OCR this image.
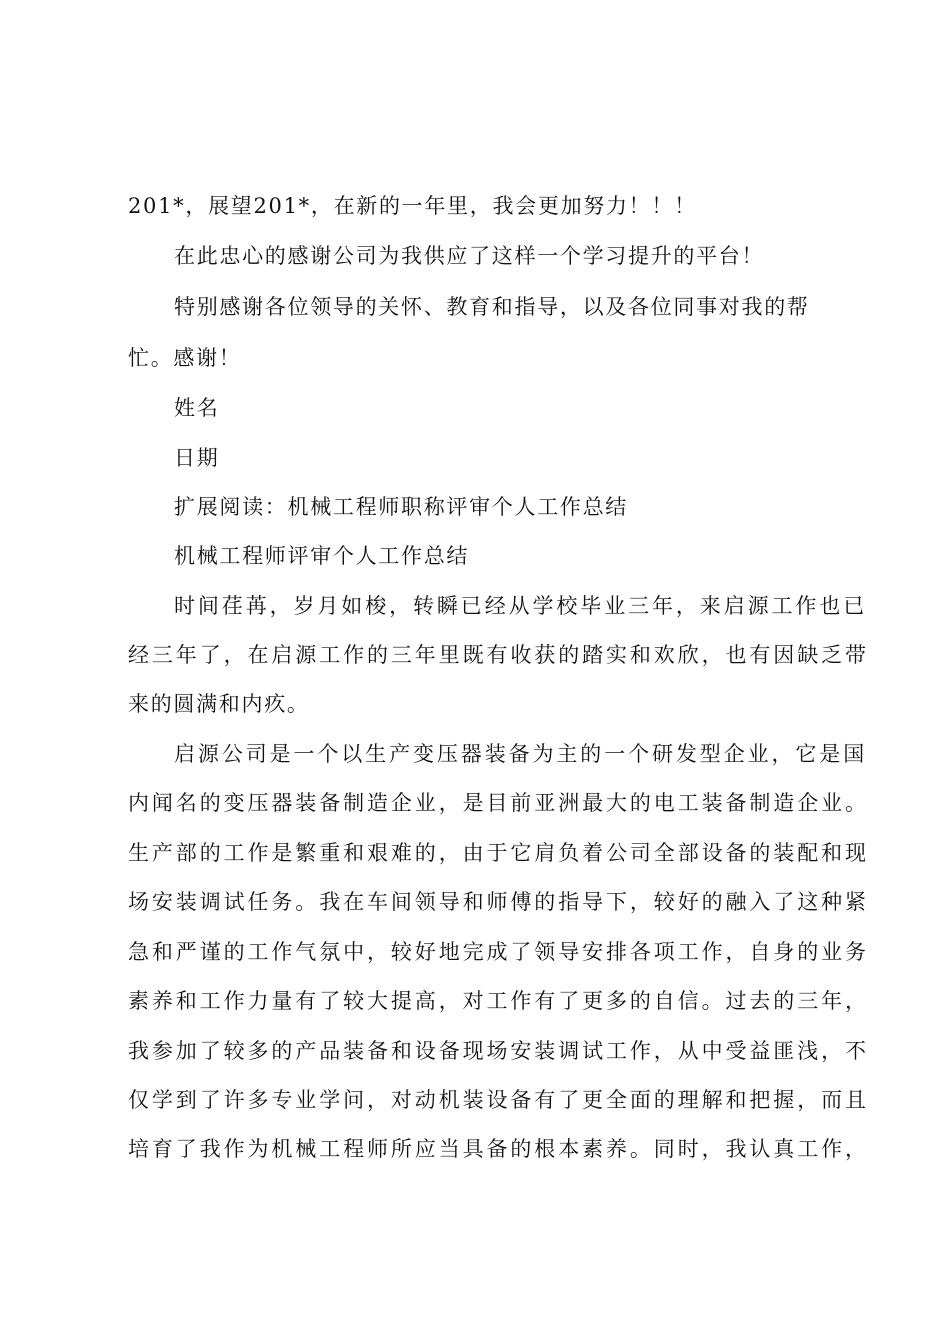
201*，展望201*，在新的一年里，我会更加努力！！！
在此忠心的感谢公司为我供应了这样一个学习提升的平台！
特别感谢各位领导的关怀、教育和指导，以及各位同事对我的帮
忙。感谢！
姓名
日期
扩展阅读：机械工程师职称评审个人工作总结
机械工程师评审个人工作总结
时间荏苒，岁月如梭，转瞬已经从学校毕业三年，来启源工作也已
经三年了，在启源工作的三年里既有收获的踏实和欢欣，也有因缺乏带
来的圆满和内疚。
启源公司是一个以生产变压器装备为主的一个研发型企业，它是国
内闻名的变压器装备制造企业，是目前亚洲最大的电工装备制造企业。
生产部的工作是繁重和艰难的，由于它肩负着公司全部设备的装配和现
场安装调试任务。我在车间领导和师傅的指导下，较好的融入了这种紧
急和严谨的工作气氛中，较好地完成了领导安排各项工作，自身的业务
素养和工作力量有了较大提高，对工作有了更多的自信。过去的三年，
我参加了较多的产品装备和设备现场安装调试工作，从中受益匪浅，不
仅学到了许多专业学问，对动机装设备有了更全面的理解和把握，而且
培育了我作为机械工程师所应当具备的根本素养。同时，我认真工作，
